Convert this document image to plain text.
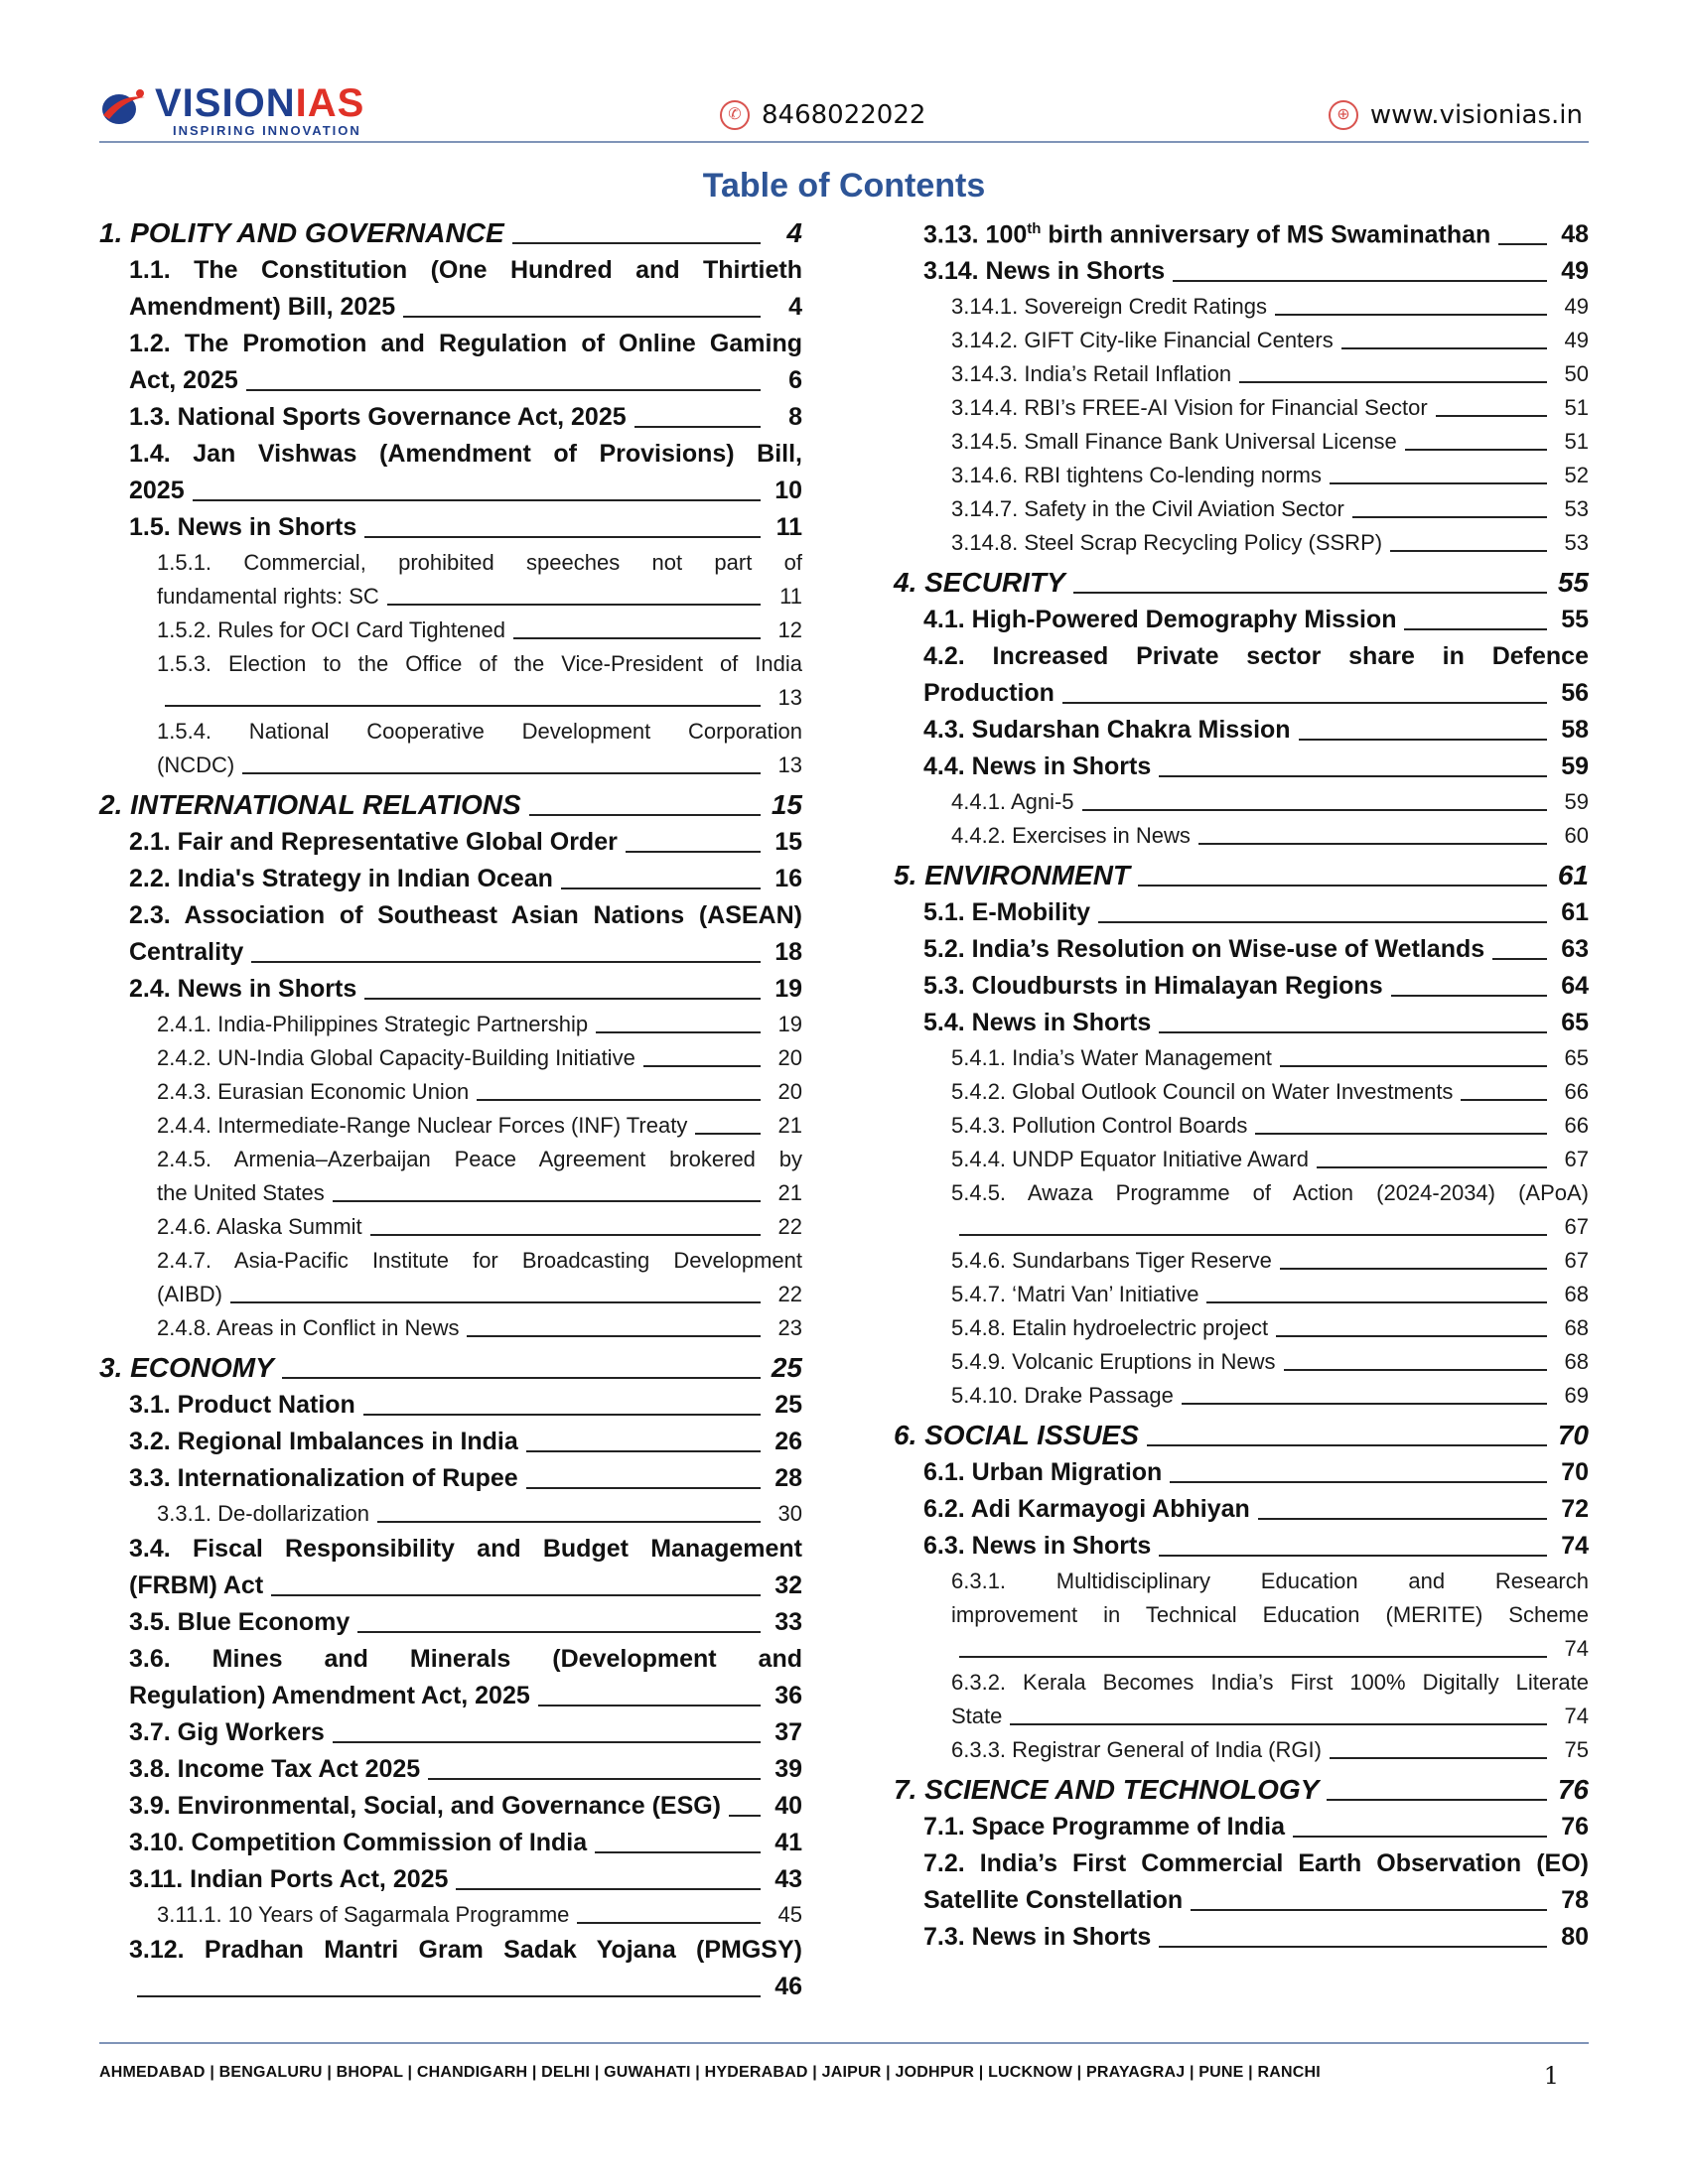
VISIONIAS
INSPIRING INNOVATION
✆ 8468022022	⊕ www.visionias.in
Table of Contents
1. POLITY AND GOVERNANCE	4
1.1. The Constitution (One Hundred and Thirtieth
Amendment) Bill, 2025	4
1.2. The Promotion and Regulation of Online Gaming
Act, 2025	6
1.3. National Sports Governance Act, 2025	8
1.4. Jan Vishwas (Amendment of Provisions) Bill,
2025	10
1.5. News in Shorts	11
1.5.1. Commercial, prohibited speeches not part of
fundamental rights: SC	11
1.5.2. Rules for OCI Card Tightened	12
1.5.3. Election to the Office of the Vice-President of India
13
1.5.4. National Cooperative Development Corporation
(NCDC)	13
2. INTERNATIONAL RELATIONS	15
2.1. Fair and Representative Global Order	15
2.2. India's Strategy in Indian Ocean	16
2.3. Association of Southeast Asian Nations (ASEAN)
Centrality	18
2.4. News in Shorts	19
2.4.1. India-Philippines Strategic Partnership	19
2.4.2. UN-India Global Capacity-Building Initiative	20
2.4.3. Eurasian Economic Union	20
2.4.4. Intermediate-Range Nuclear Forces (INF) Treaty	21
2.4.5. Armenia–Azerbaijan Peace Agreement brokered by
the United States	21
2.4.6. Alaska Summit	22
2.4.7. Asia-Pacific Institute for Broadcasting Development
(AIBD)	22
2.4.8. Areas in Conflict in News	23
3. ECONOMY	25
3.1. Product Nation	25
3.2. Regional Imbalances in India	26
3.3. Internationalization of Rupee	28
3.3.1. De-dollarization	30
3.4. Fiscal Responsibility and Budget Management
(FRBM) Act	32
3.5. Blue Economy	33
3.6. Mines and Minerals (Development and
Regulation) Amendment Act, 2025	36
3.7. Gig Workers	37
3.8. Income Tax Act 2025	39
3.9. Environmental, Social, and Governance (ESG) 40
3.10. Competition Commission of India	41
3.11. Indian Ports Act, 2025	43
3.11.1. 10 Years of Sagarmala Programme	45
3.12. Pradhan Mantri Gram Sadak Yojana (PMGSY)
46
3.13. 100th birth anniversary of MS Swaminathan	48
3.14. News in Shorts	49
3.14.1. Sovereign Credit Ratings	49
3.14.2. GIFT City-like Financial Centers	49
3.14.3. India’s Retail Inflation	50
3.14.4. RBI’s FREE-AI Vision for Financial Sector	51
3.14.5. Small Finance Bank Universal License	51
3.14.6. RBI tightens Co-lending norms	52
3.14.7. Safety in the Civil Aviation Sector	53
3.14.8. Steel Scrap Recycling Policy (SSRP)	53
4. SECURITY	55
4.1. High-Powered Demography Mission	55
4.2. Increased Private sector share in Defence
Production	56
4.3. Sudarshan Chakra Mission	58
4.4. News in Shorts	59
4.4.1. Agni-5	59
4.4.2. Exercises in News	60
5. ENVIRONMENT	61
5.1. E-Mobility	61
5.2. India’s Resolution on Wise-use of Wetlands	63
5.3. Cloudbursts in Himalayan Regions	64
5.4. News in Shorts	65
5.4.1. India’s Water Management	65
5.4.2. Global Outlook Council on Water Investments	66
5.4.3. Pollution Control Boards	66
5.4.4. UNDP Equator Initiative Award	67
5.4.5. Awaza Programme of Action (2024-2034) (APoA)
67
5.4.6. Sundarbans Tiger Reserve	67
5.4.7. ‘Matri Van’ Initiative	68
5.4.8. Etalin hydroelectric project	68
5.4.9. Volcanic Eruptions in News	68
5.4.10. Drake Passage	69
6. SOCIAL ISSUES	70
6.1. Urban Migration	70
6.2. Adi Karmayogi Abhiyan	72
6.3. News in Shorts	74
6.3.1. Multidisciplinary Education and Research
improvement in Technical Education (MERITE) Scheme
74
6.3.2. Kerala Becomes India’s First 100% Digitally Literate
State	74
6.3.3. Registrar General of India (RGI)	75
7. SCIENCE AND TECHNOLOGY	76
7.1. Space Programme of India	76
7.2. India’s First Commercial Earth Observation (EO)
Satellite Constellation	78
7.3. News in Shorts	80
AHMEDABAD | BENGALURU | BHOPAL | CHANDIGARH | DELHI | GUWAHATI | HYDERABAD | JAIPUR | JODHPUR | LUCKNOW | PRAYAGRAJ | PUNE | RANCHI	1
